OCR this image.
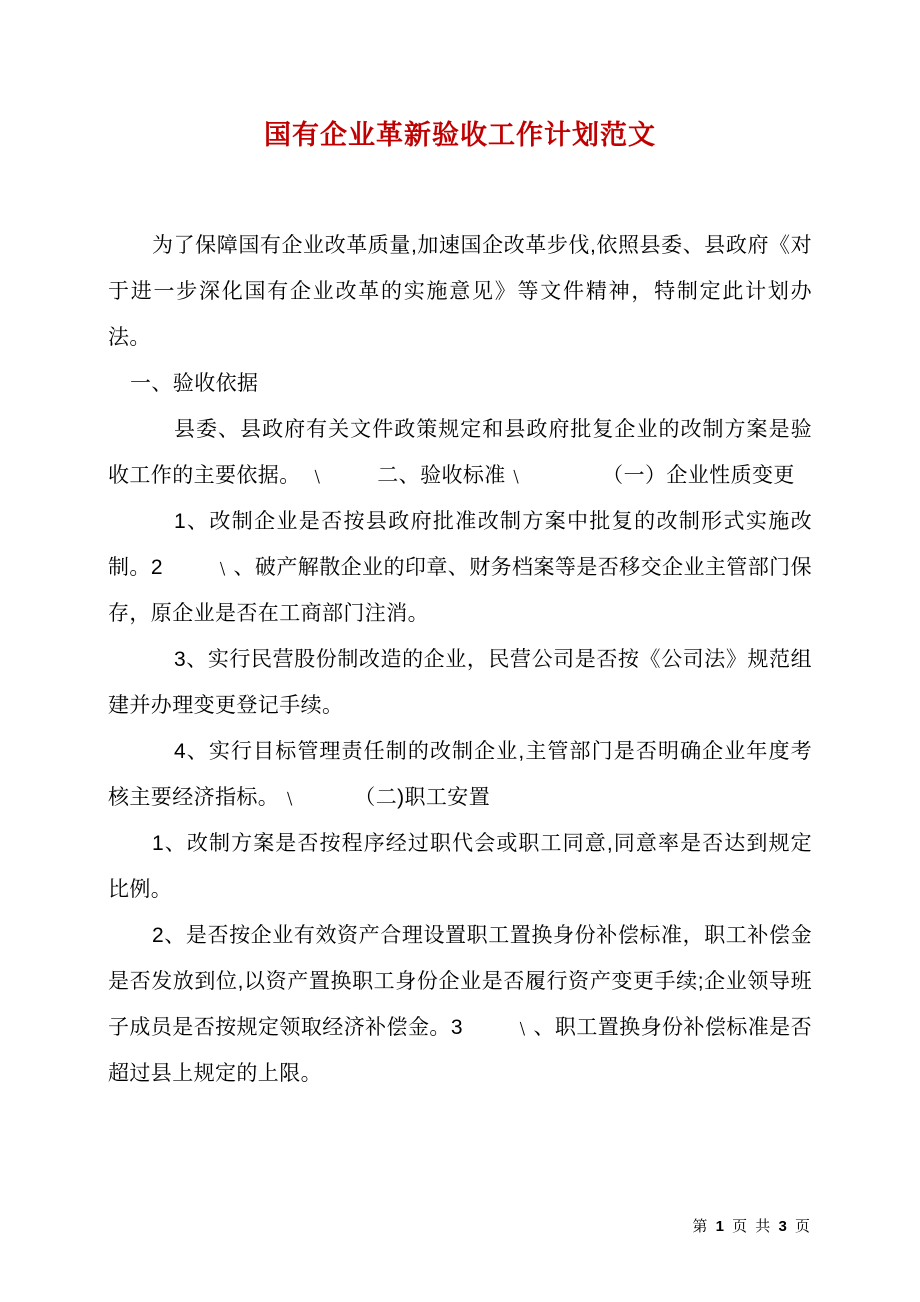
国有企业革新验收工作计划范文

为了保障国有企业改革质量,加速国企改革步伐,依照县委、县政府《对于进一步深化国有企业改革的实施意见》等文件精神，特制定此计划办法。

一、验收依据

县委、县政府有关文件政策规定和县政府批复企业的改制方案是验收工作的主要依据。 ﹨　　 二、验收标准﹨　　　　（一）企业性质变更

1、改制企业是否按县政府批准改制方案中批复的改制形式实施改制。2　　 ﹨、破产解散企业的印章、财务档案等是否移交企业主管部门保存，原企业是否在工商部门注消。

3、实行民营股份制改造的企业，民营公司是否按《公司法》规范组建并办理变更登记手续。

4、实行目标管理责任制的改制企业,主管部门是否明确企业年度考核主要经济指标。﹨　　　（二)职工安置

1、改制方案是否按程序经过职代会或职工同意,同意率是否达到规定比例。

2、是否按企业有效资产合理设置职工置换身份补偿标准，职工补偿金是否发放到位,以资产置换职工身份企业是否履行资产变更手续;企业领导班子成员是否按规定领取经济补偿金。3　　 ﹨、职工置换身份补偿标准是否超过县上规定的上限。

第 1 页 共 3 页
